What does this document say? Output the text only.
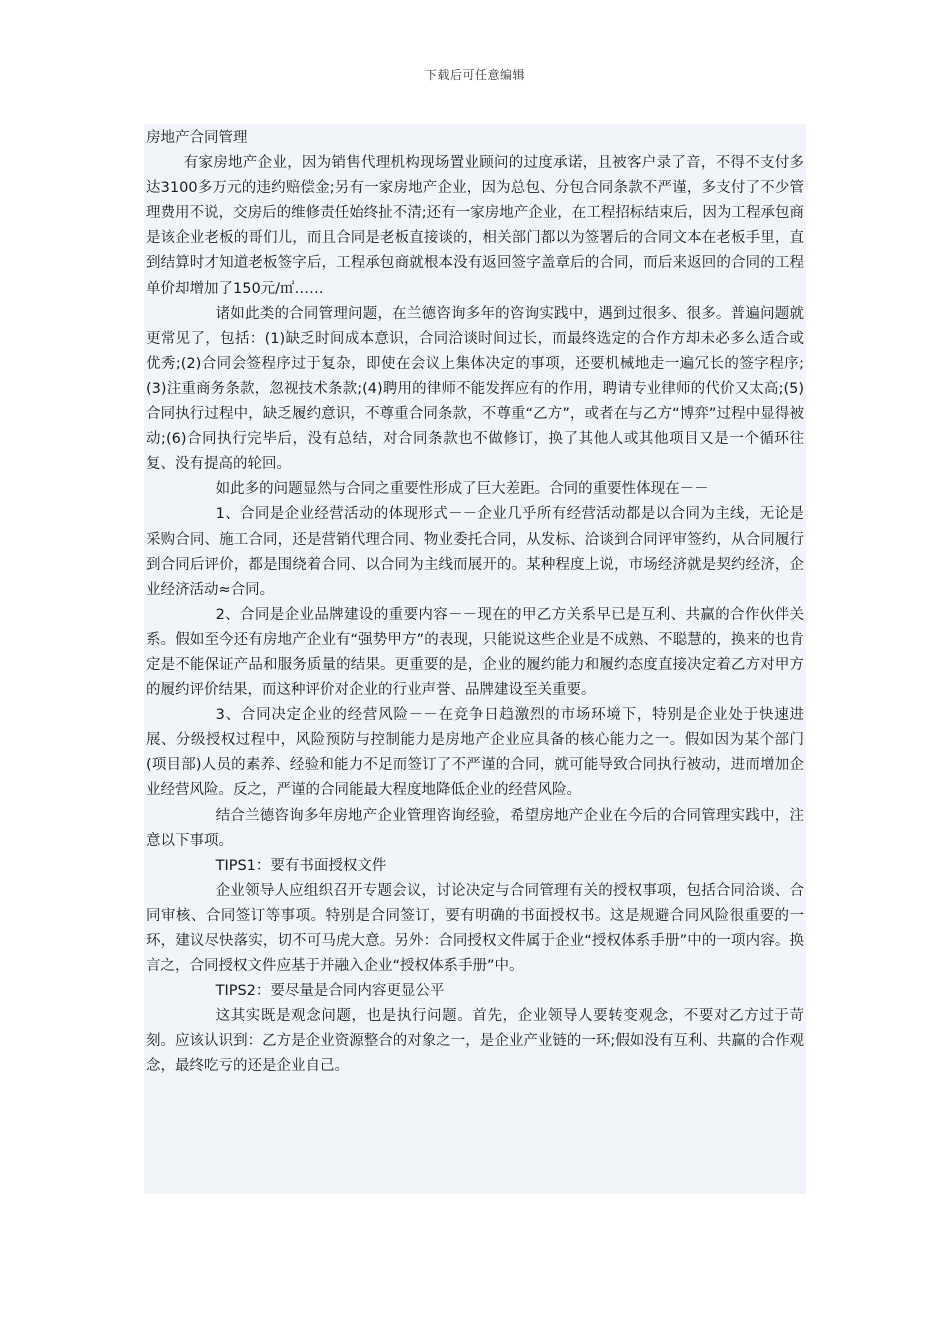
下载后可任意编辑

房地产合同管理

有家房地产企业，因为销售代理机构现场置业顾问的过度承诺，且被客户录了音，不得不支付多达3100多万元的违约赔偿金;另有一家房地产企业，因为总包、分包合同条款不严谨，多支付了不少管理费用不说，交房后的维修责任始终扯不清;还有一家房地产企业，在工程招标结束后，因为工程承包商是该企业老板的哥们儿，而且合同是老板直接谈的，相关部门都以为签署后的合同文本在老板手里，直到结算时才知道老板签字后，工程承包商就根本没有返回签字盖章后的合同，而后来返回的合同的工程单价却增加了150元/㎡……

诸如此类的合同管理问题，在兰德咨询多年的咨询实践中，遇到过很多、很多。普遍问题就更常见了，包括：(1)缺乏时间成本意识，合同洽谈时间过长，而最终选定的合作方却未必多么适合或优秀;(2)合同会签程序过于复杂，即使在会议上集体决定的事项，还要机械地走一遍冗长的签字程序;(3)注重商务条款，忽视技术条款;(4)聘用的律师不能发挥应有的作用，聘请专业律师的代价又太高;(5)合同执行过程中，缺乏履约意识，不尊重合同条款，不尊重“乙方”，或者在与乙方“博弈”过程中显得被动;(6)合同执行完毕后，没有总结，对合同条款也不做修订，换了其他人或其他项目又是一个循环往复、没有提高的轮回。

如此多的问题显然与合同之重要性形成了巨大差距。合同的重要性体现在－－

1、合同是企业经营活动的体现形式－－企业几乎所有经营活动都是以合同为主线，无论是采购合同、施工合同，还是营销代理合同、物业委托合同，从发标、洽谈到合同评审签约，从合同履行到合同后评价，都是围绕着合同、以合同为主线而展开的。某种程度上说，市场经济就是契约经济，企业经济活动≈合同。

2、合同是企业品牌建设的重要内容－－现在的甲乙方关系早已是互利、共赢的合作伙伴关系。假如至今还有房地产企业有“强势甲方”的表现，只能说这些企业是不成熟、不聪慧的，换来的也肯定是不能保证产品和服务质量的结果。更重要的是，企业的履约能力和履约态度直接决定着乙方对甲方的履约评价结果，而这种评价对企业的行业声誉、品牌建设至关重要。

3、合同决定企业的经营风险－－在竞争日趋激烈的市场环境下，特别是企业处于快速进展、分级授权过程中，风险预防与控制能力是房地产企业应具备的核心能力之一。假如因为某个部门(项目部)人员的素养、经验和能力不足而签订了不严谨的合同，就可能导致合同执行被动，进而增加企业经营风险。反之，严谨的合同能最大程度地降低企业的经营风险。

结合兰德咨询多年房地产企业管理咨询经验，希望房地产企业在今后的合同管理实践中，注意以下事项。

TIPS1：要有书面授权文件

企业领导人应组织召开专题会议，讨论决定与合同管理有关的授权事项，包括合同洽谈、合同审核、合同签订等事项。特别是合同签订，要有明确的书面授权书。这是规避合同风险很重要的一环，建议尽快落实，切不可马虎大意。另外：合同授权文件属于企业“授权体系手册”中的一项内容。换言之，合同授权文件应基于并融入企业“授权体系手册”中。

TIPS2：要尽量是合同内容更显公平

这其实既是观念问题，也是执行问题。首先，企业领导人要转变观念，不要对乙方过于苛刻。应该认识到：乙方是企业资源整合的对象之一，是企业产业链的一环;假如没有互利、共赢的合作观念，最终吃亏的还是企业自己。
